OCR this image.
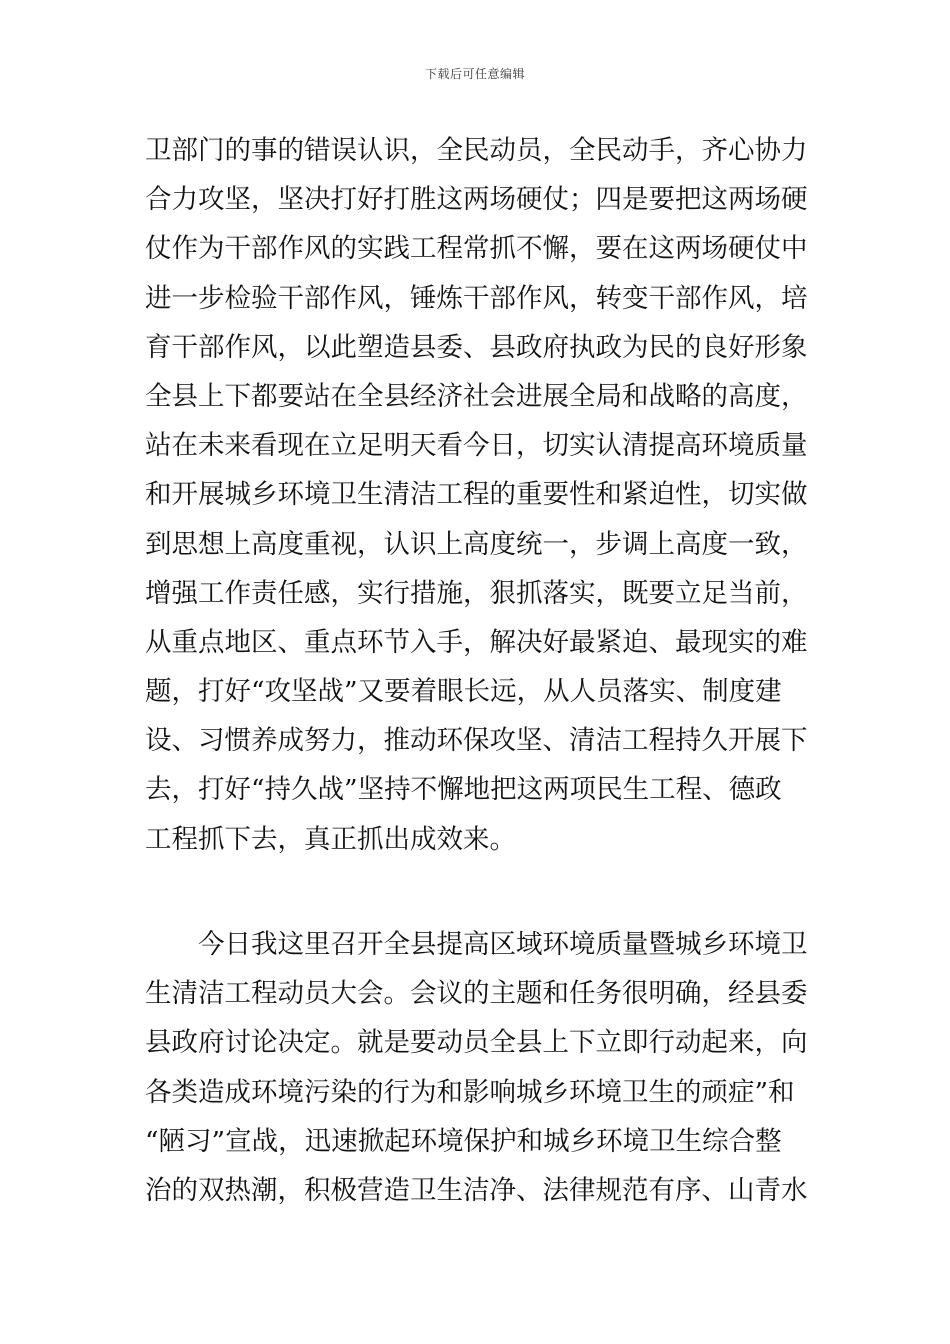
下载后可任意编辑
卫部门的事的错误认识，全民动员，全民动手，齐心协力
合力攻坚，坚决打好打胜这两场硬仗；四是要把这两场硬
仗作为干部作风的实践工程常抓不懈，要在这两场硬仗中
进一步检验干部作风，锤炼干部作风，转变干部作风，培
育干部作风，以此塑造县委、县政府执政为民的良好形象
全县上下都要站在全县经济社会进展全局和战略的高度，
站在未来看现在立足明天看今日，切实认清提高环境质量
和开展城乡环境卫生清洁工程的重要性和紧迫性，切实做
到思想上高度重视，认识上高度统一，步调上高度一致，
增强工作责任感，实行措施，狠抓落实，既要立足当前，
从重点地区、重点环节入手，解决好最紧迫、最现实的难
题，打好“攻坚战”又要着眼长远，从人员落实、制度建
设、习惯养成努力，推动环保攻坚、清洁工程持久开展下
去，打好“持久战”坚持不懈地把这两项民生工程、德政
工程抓下去，真正抓出成效来。
　　今日我这里召开全县提高区域环境质量暨城乡环境卫
生清洁工程动员大会。会议的主题和任务很明确，经县委
县政府讨论决定。就是要动员全县上下立即行动起来，向
各类造成环境污染的行为和影响城乡环境卫生的顽症”和
“陋习”宣战，迅速掀起环境保护和城乡环境卫生综合整
治的双热潮，积极营造卫生洁净、法律规范有序、山青水
